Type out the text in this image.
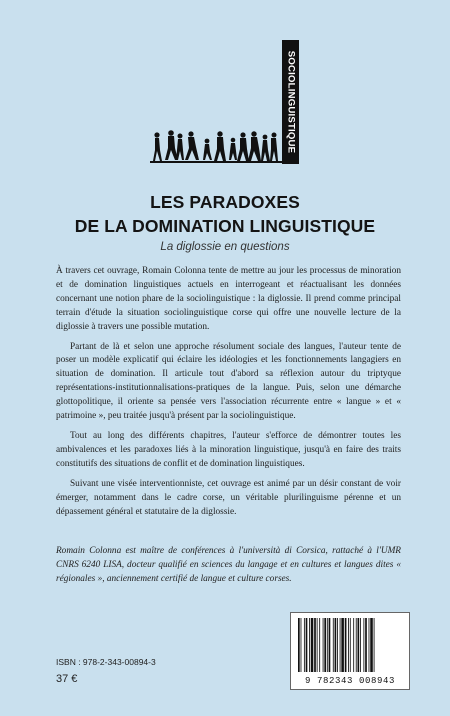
SOCIOLINGUISTIQUE
LES PARADOXES
DE LA DOMINATION LINGUISTIQUE

La diglossie en questions

À travers cet ouvrage, Romain Colonna tente de mettre au jour les processus de minoration et de domination linguistiques actuels en interrogeant et réactualisant les données concernant une notion phare de la sociolinguistique : la diglossie. Il prend comme principal terrain d'étude la situation sociolinguistique corse qui offre une nouvelle lecture de la diglossie à travers une possible mutation.

Partant de là et selon une approche résolument sociale des langues, l'auteur tente de poser un modèle explicatif qui éclaire les idéologies et les fonctionnements langagiers en situation de domination. Il articule tout d'abord sa réflexion autour du triptyque représentations-institutionnalisations-pratiques de la langue. Puis, selon une démarche glottopolitique, il oriente sa pensée vers l'association récurrente entre « langue » et « patrimoine », peu traitée jusqu'à présent par la sociolinguistique.

Tout au long des différents chapitres, l'auteur s'efforce de démontrer toutes les ambivalences et les paradoxes liés à la minoration linguistique, jusqu'à en faire des traits constitutifs des situations de conflit et de domination linguistiques.

Suivant une visée interventionniste, cet ouvrage est animé par un désir constant de voir émerger, notamment dans le cadre corse, un véritable plurilinguisme pérenne et un dépassement général et statutaire de la diglossie.

Romain Colonna est maître de conférences à l'università di Corsica, rattaché à l'UMR CNRS 6240 LISA, docteur qualifié en sciences du langage et en cultures et langues dites « régionales », anciennement certifié de langue et culture corses.

ISBN : 978-2-343-00894-3

37 €	9 782343 008943
